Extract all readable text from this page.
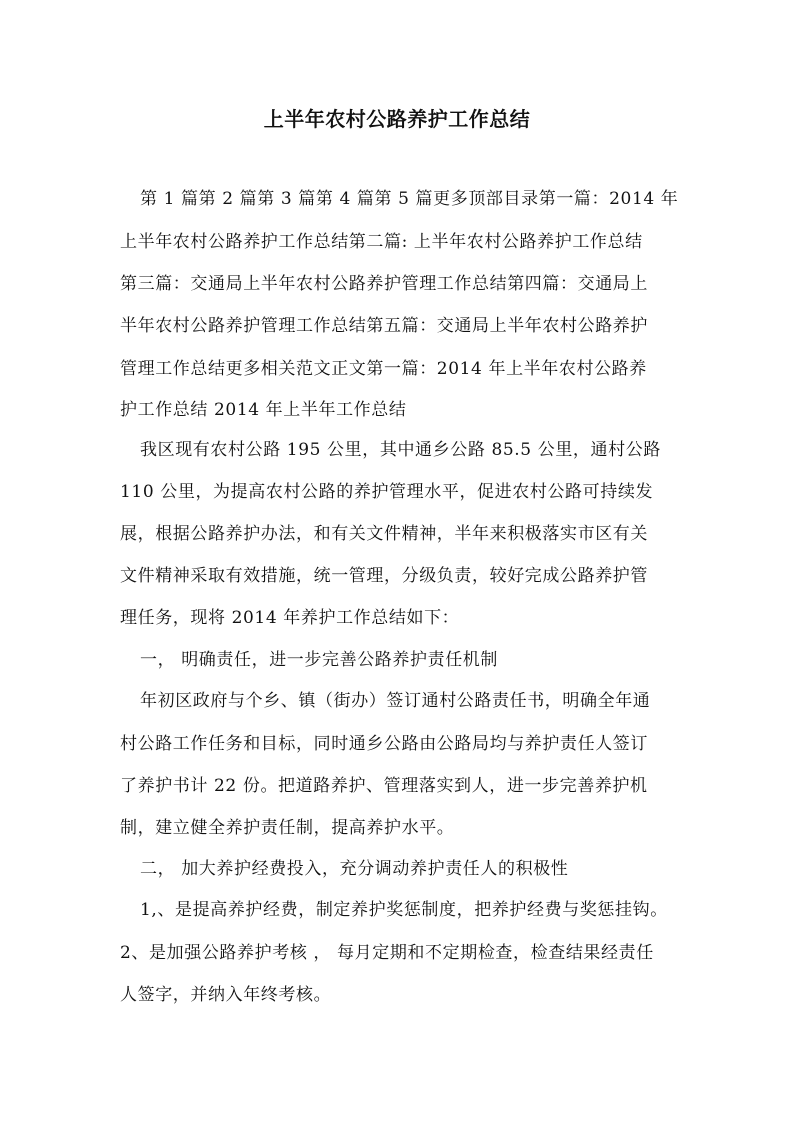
上半年农村公路养护工作总结
第 1 篇第 2 篇第 3 篇第 4 篇第 5 篇更多顶部目录第一篇：2014 年
上半年农村公路养护工作总结第二篇: 上半年农村公路养护工作总结
第三篇：交通局上半年农村公路养护管理工作总结第四篇：交通局上
半年农村公路养护管理工作总结第五篇：交通局上半年农村公路养护
管理工作总结更多相关范文正文第一篇：2014 年上半年农村公路养
护工作总结 2014 年上半年工作总结
我区现有农村公路 195 公里，其中通乡公路 85.5 公里，通村公路
110 公里，为提高农村公路的养护管理水平，促进农村公路可持续发
展，根据公路养护办法，和有关文件精神，半年来积极落实市区有关
文件精神采取有效措施，统一管理，分级负责，较好完成公路养护管
理任务，现将 2014 年养护工作总结如下：
一， 明确责任，进一步完善公路养护责任机制
年初区政府与个乡、镇（街办）签订通村公路责任书，明确全年通
村公路工作任务和目标，同时通乡公路由公路局均与养护责任人签订
了养护书计 22 份。把道路养护、管理落实到人，进一步完善养护机
制，建立健全养护责任制，提高养护水平。
二， 加大养护经费投入，充分调动养护责任人的积极性
1,、是提高养护经费，制定养护奖惩制度，把养护经费与奖惩挂钩。
2、是加强公路养护考核 ， 每月定期和不定期检查，检查结果经责任
人签字，并纳入年终考核。
